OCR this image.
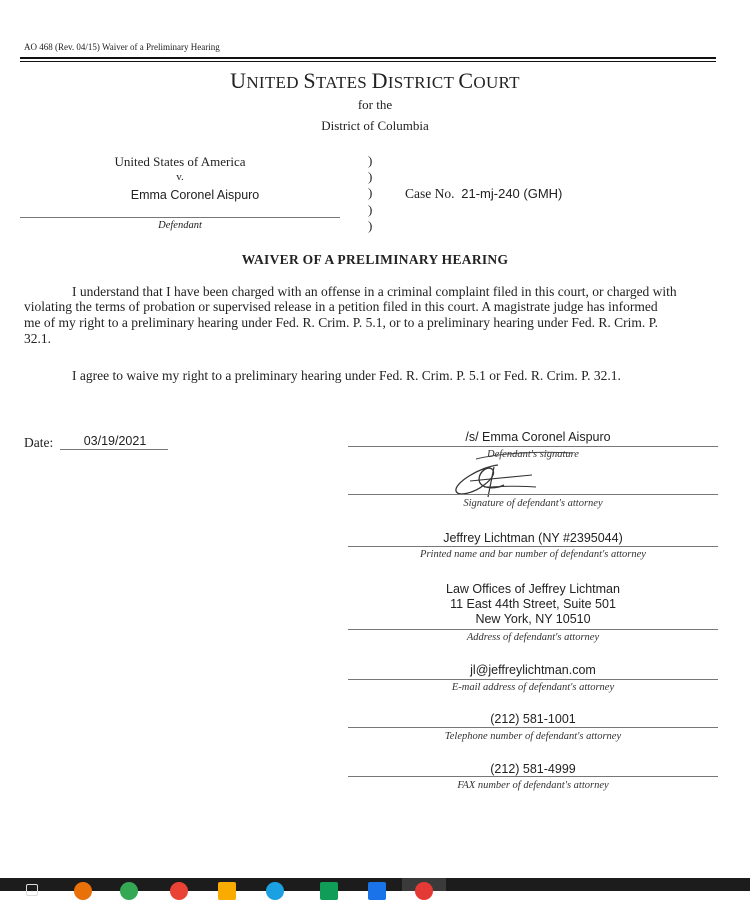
AO 468 (Rev. 04/15) Waiver of a Preliminary Hearing
UNITED STATES DISTRICT COURT
for the
District of Columbia
United States of America
v.
Emma Coronel Aispuro
Defendant
)
)
)
)
)
Case No. 21-mj-240 (GMH)
WAIVER OF A PRELIMINARY HEARING
I understand that I have been charged with an offense in a criminal complaint filed in this court, or charged with
violating the terms of probation or supervised release in a petition filed in this court. A magistrate judge has informed
me of my right to a preliminary hearing under Fed. R. Crim. P. 5.1, or to a preliminary hearing under Fed. R. Crim. P.
32.1.
I agree to waive my right to a preliminary hearing under Fed. R. Crim. P. 5.1 or Fed. R. Crim. P. 32.1.
Date:	03/19/2021	/s/ Emma Coronel Aispuro
Defendant's signature
Signature of defendant's attorney
Jeffrey Lichtman (NY #2395044)
Printed name and bar number of defendant's attorney
Law Offices of Jeffrey Lichtman
11 East 44th Street, Suite 501
New York, NY 10510
Address of defendant's attorney
jl@jeffreylichtman.com
E-mail address of defendant's attorney
(212) 581-1001
Telephone number of defendant's attorney
(212) 581-4999
FAX number of defendant's attorney
